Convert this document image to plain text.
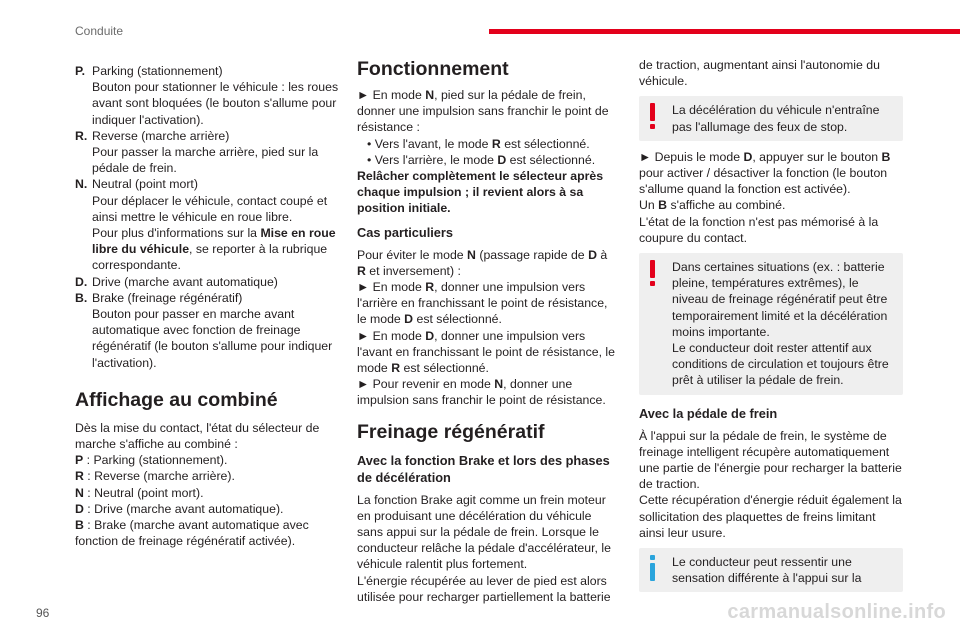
Conduite
P. Parking (stationnement)

Bouton pour stationner le véhicule : les roues avant sont bloquées (le bouton s'allume pour indiquer l'activation).

R. Reverse (marche arrière)

Pour passer la marche arrière, pied sur la pédale de frein.

N. Neutral (point mort)

Pour déplacer le véhicule, contact coupé et ainsi mettre le véhicule en roue libre.

Pour plus d'informations sur la Mise en roue libre du véhicule, se reporter à la rubrique correspondante.

D. Drive (marche avant automatique)

B. Brake (freinage régénératif)

Bouton pour passer en marche avant automatique avec fonction de freinage régénératif (le bouton s'allume pour indiquer l'activation).

Affichage au combiné

Dès la mise du contact, l'état du sélecteur de marche s'affiche au combiné :

P : Parking (stationnement).

R : Reverse (marche arrière).

N : Neutral (point mort).

D : Drive (marche avant automatique).

B : Brake (marche avant automatique avec fonction de freinage régénératif activée).

Fonctionnement

► En mode N, pied sur la pédale de frein, donner une impulsion sans franchir le point de résistance :

• Vers l'avant, le mode R est sélectionné.

• Vers l'arrière, le mode D est sélectionné.

Relâcher complètement le sélecteur après chaque impulsion ; il revient alors à sa position initiale.

Cas particuliers

Pour éviter le mode N (passage rapide de D à R et inversement) :

► En mode R, donner une impulsion vers l'arrière en franchissant le point de résistance, le mode D est sélectionné.

► En mode D, donner une impulsion vers l'avant en franchissant le point de résistance, le mode R est sélectionné.

► Pour revenir en mode N, donner une impulsion sans franchir le point de résistance.

Freinage régénératif
Avec la fonction Brake et lors des phases de décélération

La fonction Brake agit comme un frein moteur en produisant une décélération du véhicule sans appui sur la pédale de frein. Lorsque le conducteur relâche la pédale d'accélérateur, le véhicule ralentit plus fortement.

L'énergie récupérée au lever de pied est alors utilisée pour recharger partiellement la batterie

de traction, augmentant ainsi l'autonomie du véhicule.

La décélération du véhicule n'entraîne pas l'allumage des feux de stop.

► Depuis le mode D, appuyer sur le bouton B pour activer / désactiver la fonction (le bouton s'allume quand la fonction est activée).

Un B s'affiche au combiné.

L'état de la fonction n'est pas mémorisé à la coupure du contact.

Dans certaines situations (ex. : batterie pleine, températures extrêmes), le niveau de freinage régénératif peut être temporairement limité et la décélération moins importante.

Le conducteur doit rester attentif aux conditions de circulation et toujours être prêt à utiliser la pédale de frein.

Avec la pédale de frein

À l'appui sur la pédale de frein, le système de freinage intelligent récupère automatiquement une partie de l'énergie pour recharger la batterie de traction.

Cette récupération d'énergie réduit également la sollicitation des plaquettes de freins limitant ainsi leur usure.

Le conducteur peut ressentir une sensation différente à l'appui sur la

96	carmanualsonline.info
